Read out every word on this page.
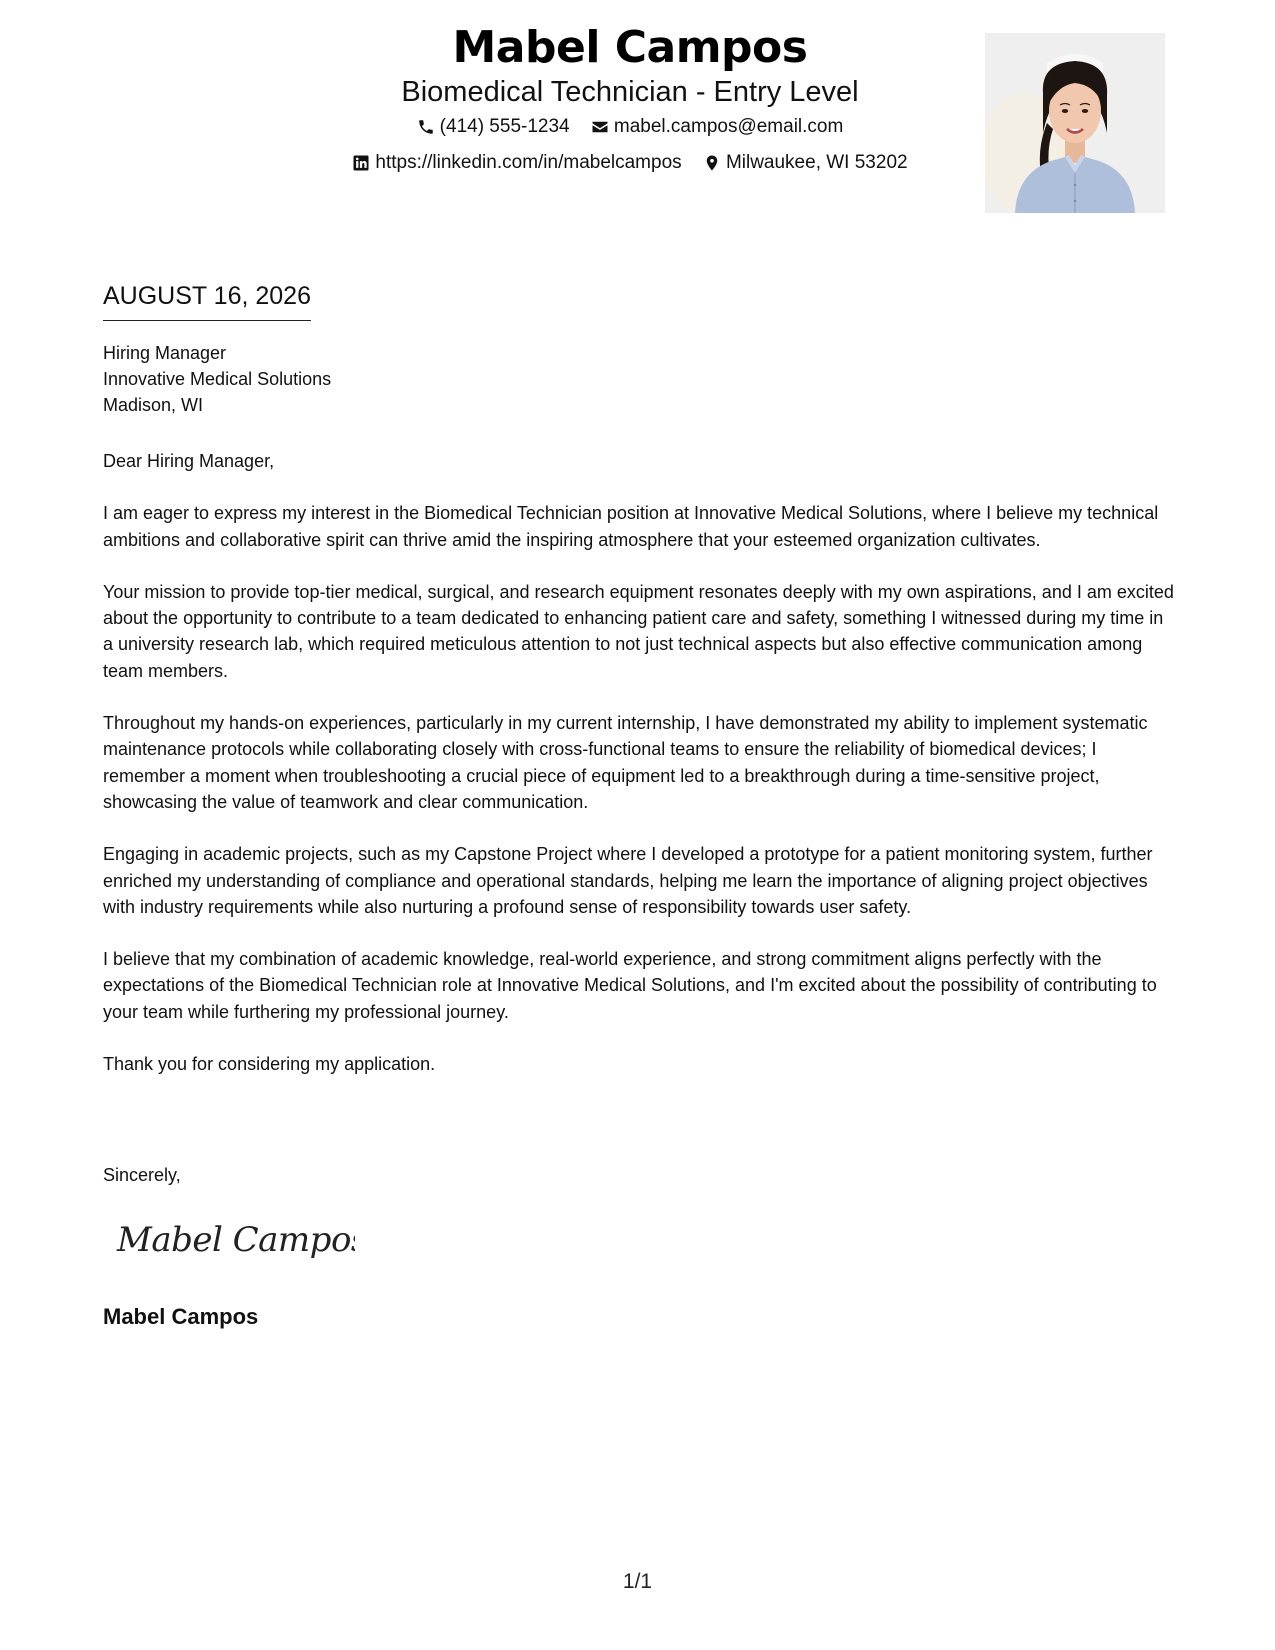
Mabel Campos
Biomedical Technician - Entry Level
(414) 555-1234
mabel.campos@email.com
https://linkedin.com/in/mabelcampos
Milwaukee, WI 53202
AUGUST 16, 2026
Hiring Manager
Innovative Medical Solutions
Madison, WI

Dear Hiring Manager,

I am eager to express my interest in the Biomedical Technician position at Innovative Medical Solutions, where I believe my technical ambitions and collaborative spirit can thrive amid the inspiring atmosphere that your esteemed organization cultivates.

Your mission to provide top-tier medical, surgical, and research equipment resonates deeply with my own aspirations, and I am excited about the opportunity to contribute to a team dedicated to enhancing patient care and safety, something I witnessed during my time in a university research lab, which required meticulous attention to not just technical aspects but also effective communication among team members.

Throughout my hands-on experiences, particularly in my current internship, I have demonstrated my ability to implement systematic maintenance protocols while collaborating closely with cross-functional teams to ensure the reliability of biomedical devices; I remember a moment when troubleshooting a crucial piece of equipment led to a breakthrough during a time-sensitive project, showcasing the value of teamwork and clear communication.

Engaging in academic projects, such as my Capstone Project where I developed a prototype for a patient monitoring system, further enriched my understanding of compliance and operational standards, helping me learn the importance of aligning project objectives with industry requirements while also nurturing a profound sense of responsibility towards user safety.

I believe that my combination of academic knowledge, real-world experience, and strong commitment aligns perfectly with the expectations of the Biomedical Technician role at Innovative Medical Solutions, and I'm excited about the possibility of contributing to your team while furthering my professional journey.

Thank you for considering my application.

Sincerely,
Mabel Campos
Mabel Campos
1/1
